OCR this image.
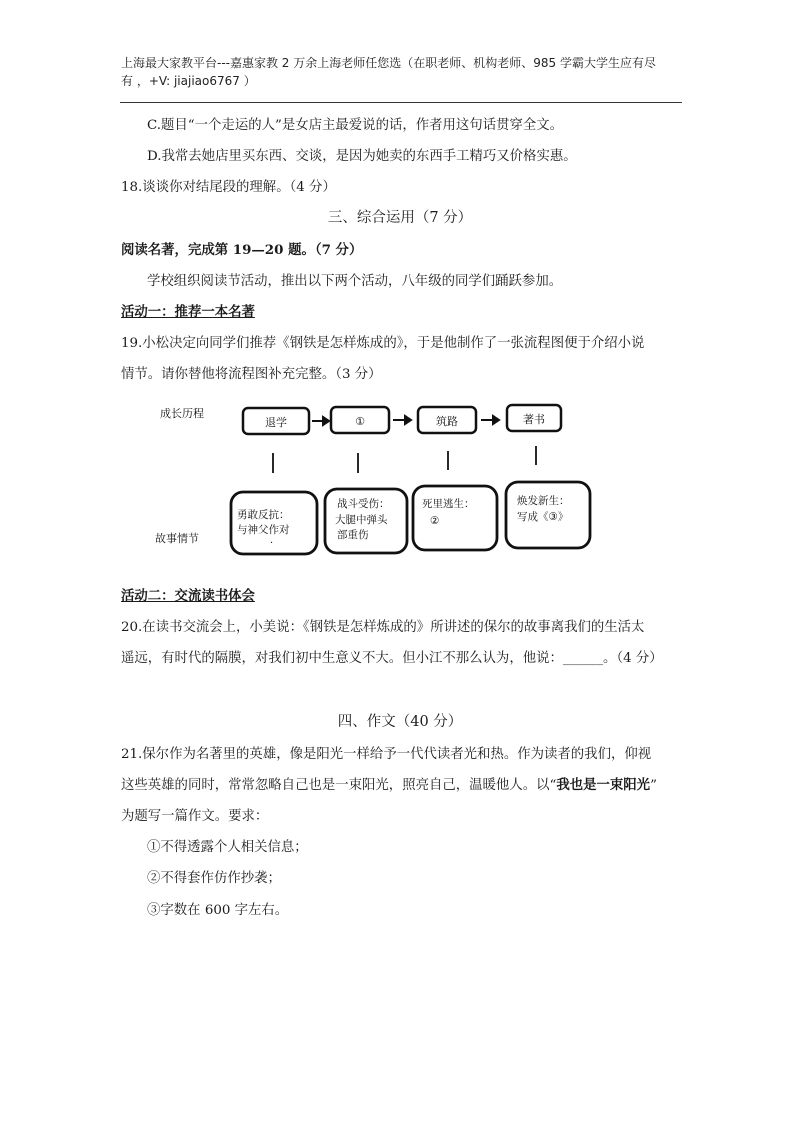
上海最大家教平台---嘉惠家教 2 万余上海老师任您选（在职老师、机构老师、985 学霸大学生应有尽
有 ，+V: jiajiao6767 ）
C.题目“一个走运的人”是女店主最爱说的话，作者用这句话贯穿全文。
D.我常去她店里买东西、交谈，是因为她卖的东西手工精巧又价格实惠。
18.谈谈你对结尾段的理解。（4 分）
三、综合运用（7 分）
阅读名著，完成第 19—20 题。（7 分）
学校组织阅读节活动，推出以下两个活动，八年级的同学们踊跃参加。
活动一：推荐一本名著
19.小松决定向同学们推荐《钢铁是怎样炼成的》，于是他制作了一张流程图便于介绍小说
情节。请你替他将流程图补充完整。（3 分）
成长历程
故事情节
退学	①	筑路	著书
勇敢反抗：
与神父作对
·
战斗受伤：
大腿中弹头
部重伤
死里逃生：
②
焕发新生：
写成《③》
活动二：交流读书体会
20.在读书交流会上，小美说：《钢铁是怎样炼成的》所讲述的保尔的故事离我们的生活太
遥远，有时代的隔膜，对我们初中生意义不大。但小江不那么认为，他说：______。（4 分）
四、作文（40 分）
21.保尔作为名著里的英雄，像是阳光一样给予一代代读者光和热。作为读者的我们，仰视
这些英雄的同时，常常忽略自己也是一束阳光，照亮自己，温暖他人。以“我也是一束阳光”
为题写一篇作文。要求：
①不得透露个人相关信息；
②不得套作仿作抄袭；
③字数在 600 字左右。
